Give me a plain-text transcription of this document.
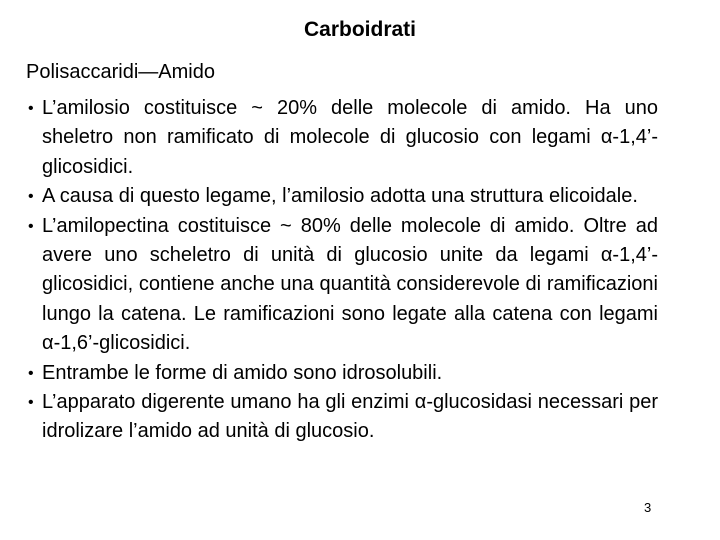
Carboidrati

Polisaccaridi—Amido

• L’amilosio costituisce ~ 20% delle molecole di amido. Ha uno sheletro non ramificato di molecole di glucosio con legami α-1,4’-glicosidici.
• A causa di questo legame, l’amilosio adotta una struttura elicoidale.
• L’amilopectina costituisce ~ 80% delle molecole di amido. Oltre ad avere uno scheletro di unità di glucosio unite da legami α-1,4’-glicosidici, contiene anche una quantità considerevole di ramificazioni lungo la catena. Le ramificazioni sono legate alla catena con legami α-1,6’-glicosidici.
• Entrambe le forme di amido sono idrosolubili.
• L’apparato digerente umano ha gli enzimi α-glucosidasi necessari per idrolizare l’amido ad unità di glucosio.
3
